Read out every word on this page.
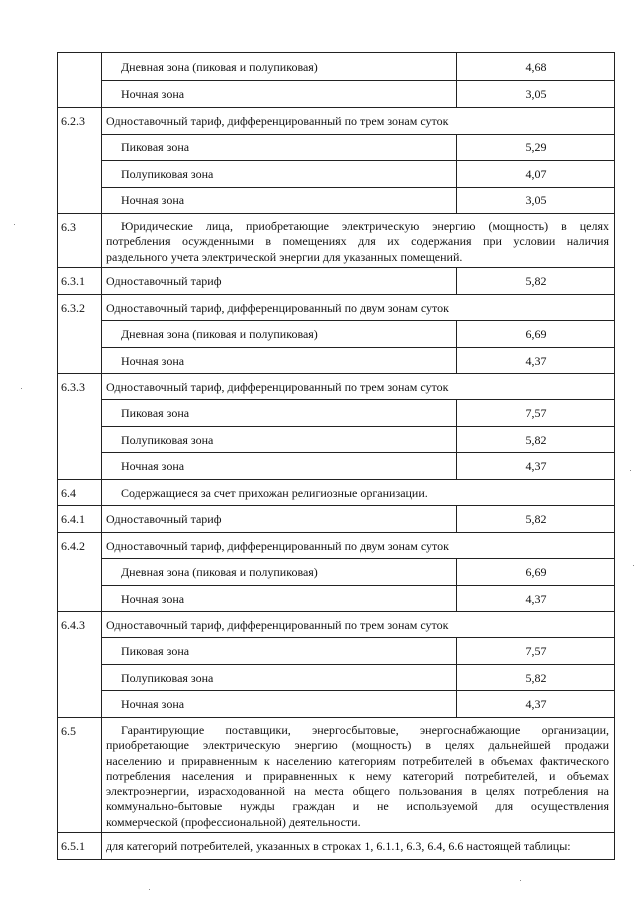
Дневная зона (пиковая и полупиковая)	4,68
Ночная зона	3,05
6.2.3 Одноставочный тариф, дифференцированный по трем зонам суток
Пиковая зона	5,29
Полупиковая зона	4,07
Ночная зона	3,05
6.3	Юридические лица, приобретающие электрическую энергию (мощность) в целях
потребления осужденными в помещениях для их содержания при условии наличия
раздельного учета электрической энергии для указанных помещений.
6.3.1 Одноставочный тариф	5,82
6.3.2 Одноставочный тариф, дифференцированный по двум зонам суток
Дневная зона (пиковая и полупиковая)	6,69
Ночная зона	4,37
6.3.3 Одноставочный тариф, дифференцированный по трем зонам суток
Пиковая зона	7,57
Полупиковая зона	5,82
Ночная зона	4,37
6.4	Содержащиеся за счет прихожан религиозные организации.
6.4.1 Одноставочный тариф	5,82
6.4.2 Одноставочный тариф, дифференцированный по двум зонам суток
Дневная зона (пиковая и полупиковая)	6,69
Ночная зона	4,37
6.4.3 Одноставочный тариф, дифференцированный по трем зонам суток
Пиковая зона	7,57
Полупиковая зона	5,82
Ночная зона	4,37
6.5	Гарантирующие поставщики, энергосбытовые, энергоснабжающие организации,
приобретающие электрическую энергию (мощность) в целях дальнейшей продажи
населению и приравненным к населению категориям потребителей в объемах фактического
потребления населения и приравненных к нему категорий потребителей, и объемах
электроэнергии, израсходованной на места общего пользования в целях потребления на
коммунально-бытовые нужды граждан и не используемой для осуществления
коммерческой (профессиональной) деятельности.
6.5.1 для категорий потребителей, указанных в строках 1, 6.1.1, 6.3, 6.4, 6.6 настоящей таблицы:
